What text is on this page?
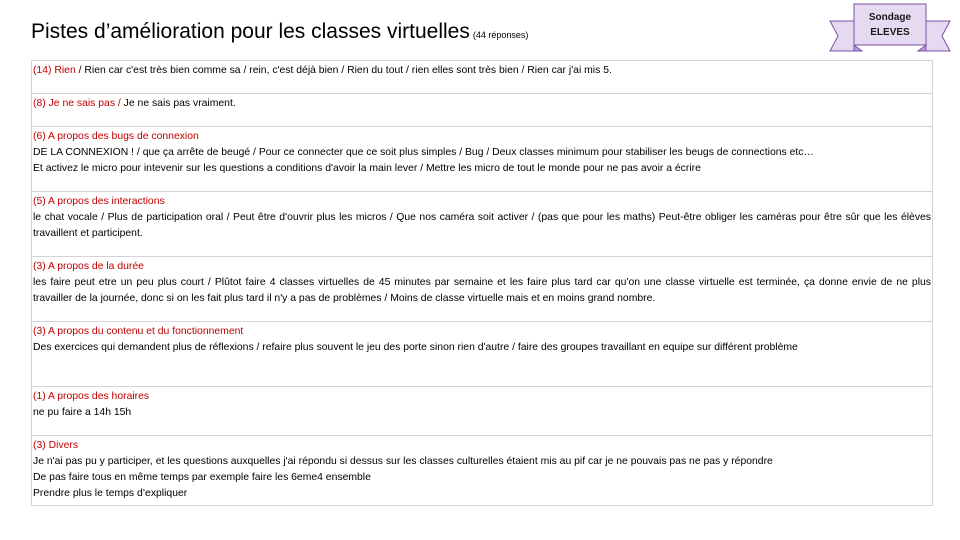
Pistes d’amélioration pour les classes virtuelles (44 réponses)
Sondage
ELEVES
(14) Rien / Rien car c'est très bien comme sa / rein, c'est déjà bien / Rien du tout / rien elles sont très bien / Rien car j'ai mis 5.
(8) Je ne sais pas / Je ne sais pas vraiment.

(6) A propos des bugs de connexion
DE LA CONNEXION ! / que ça arrête de beugé / Pour ce connecter que ce soit plus simples / Bug / Deux classes minimum pour stabiliser les beugs de connections etc…
Et activez le micro pour intevenir sur les questions a conditions d'avoir la main lever / Mettre les micro de tout le monde pour ne pas avoir a écrire

(5) A propos des interactions
le chat vocale / Plus de participation oral / Peut être d'ouvrir plus les micros / Que nos caméra soit activer / (pas que pour les maths) Peut-être obliger les caméras pour être sûr que les élèves travaillent et participent.

(3) A propos de la durée
les faire peut etre un peu plus court / Plûtot faire 4 classes virtuelles de 45 minutes par semaine et les faire plus tard car qu'on une classe virtuelle est terminée, ça donne envie de ne plus travailler de la journée, donc si on les fait plus tard il n'y a pas de problèmes / Moins de classe virtuelle mais et en moins grand nombre.

(3) A propos du contenu et du fonctionnement
Des exercices qui demandent plus de réflexions / refaire plus souvent le jeu des porte sinon rien d'autre / faire des groupes travaillant en equipe sur différent problème

(1) A propos des horaires
ne pu faire a 14h 15h

(3) Divers
Je n'ai pas pu y participer, et les questions auxquelles j'ai répondu si dessus sur les classes culturelles étaient mis au pif car je ne pouvais pas ne pas y répondre
De pas faire tous en même temps par exemple faire les 6eme4 ensemble
Prendre plus le temps d’expliquer
